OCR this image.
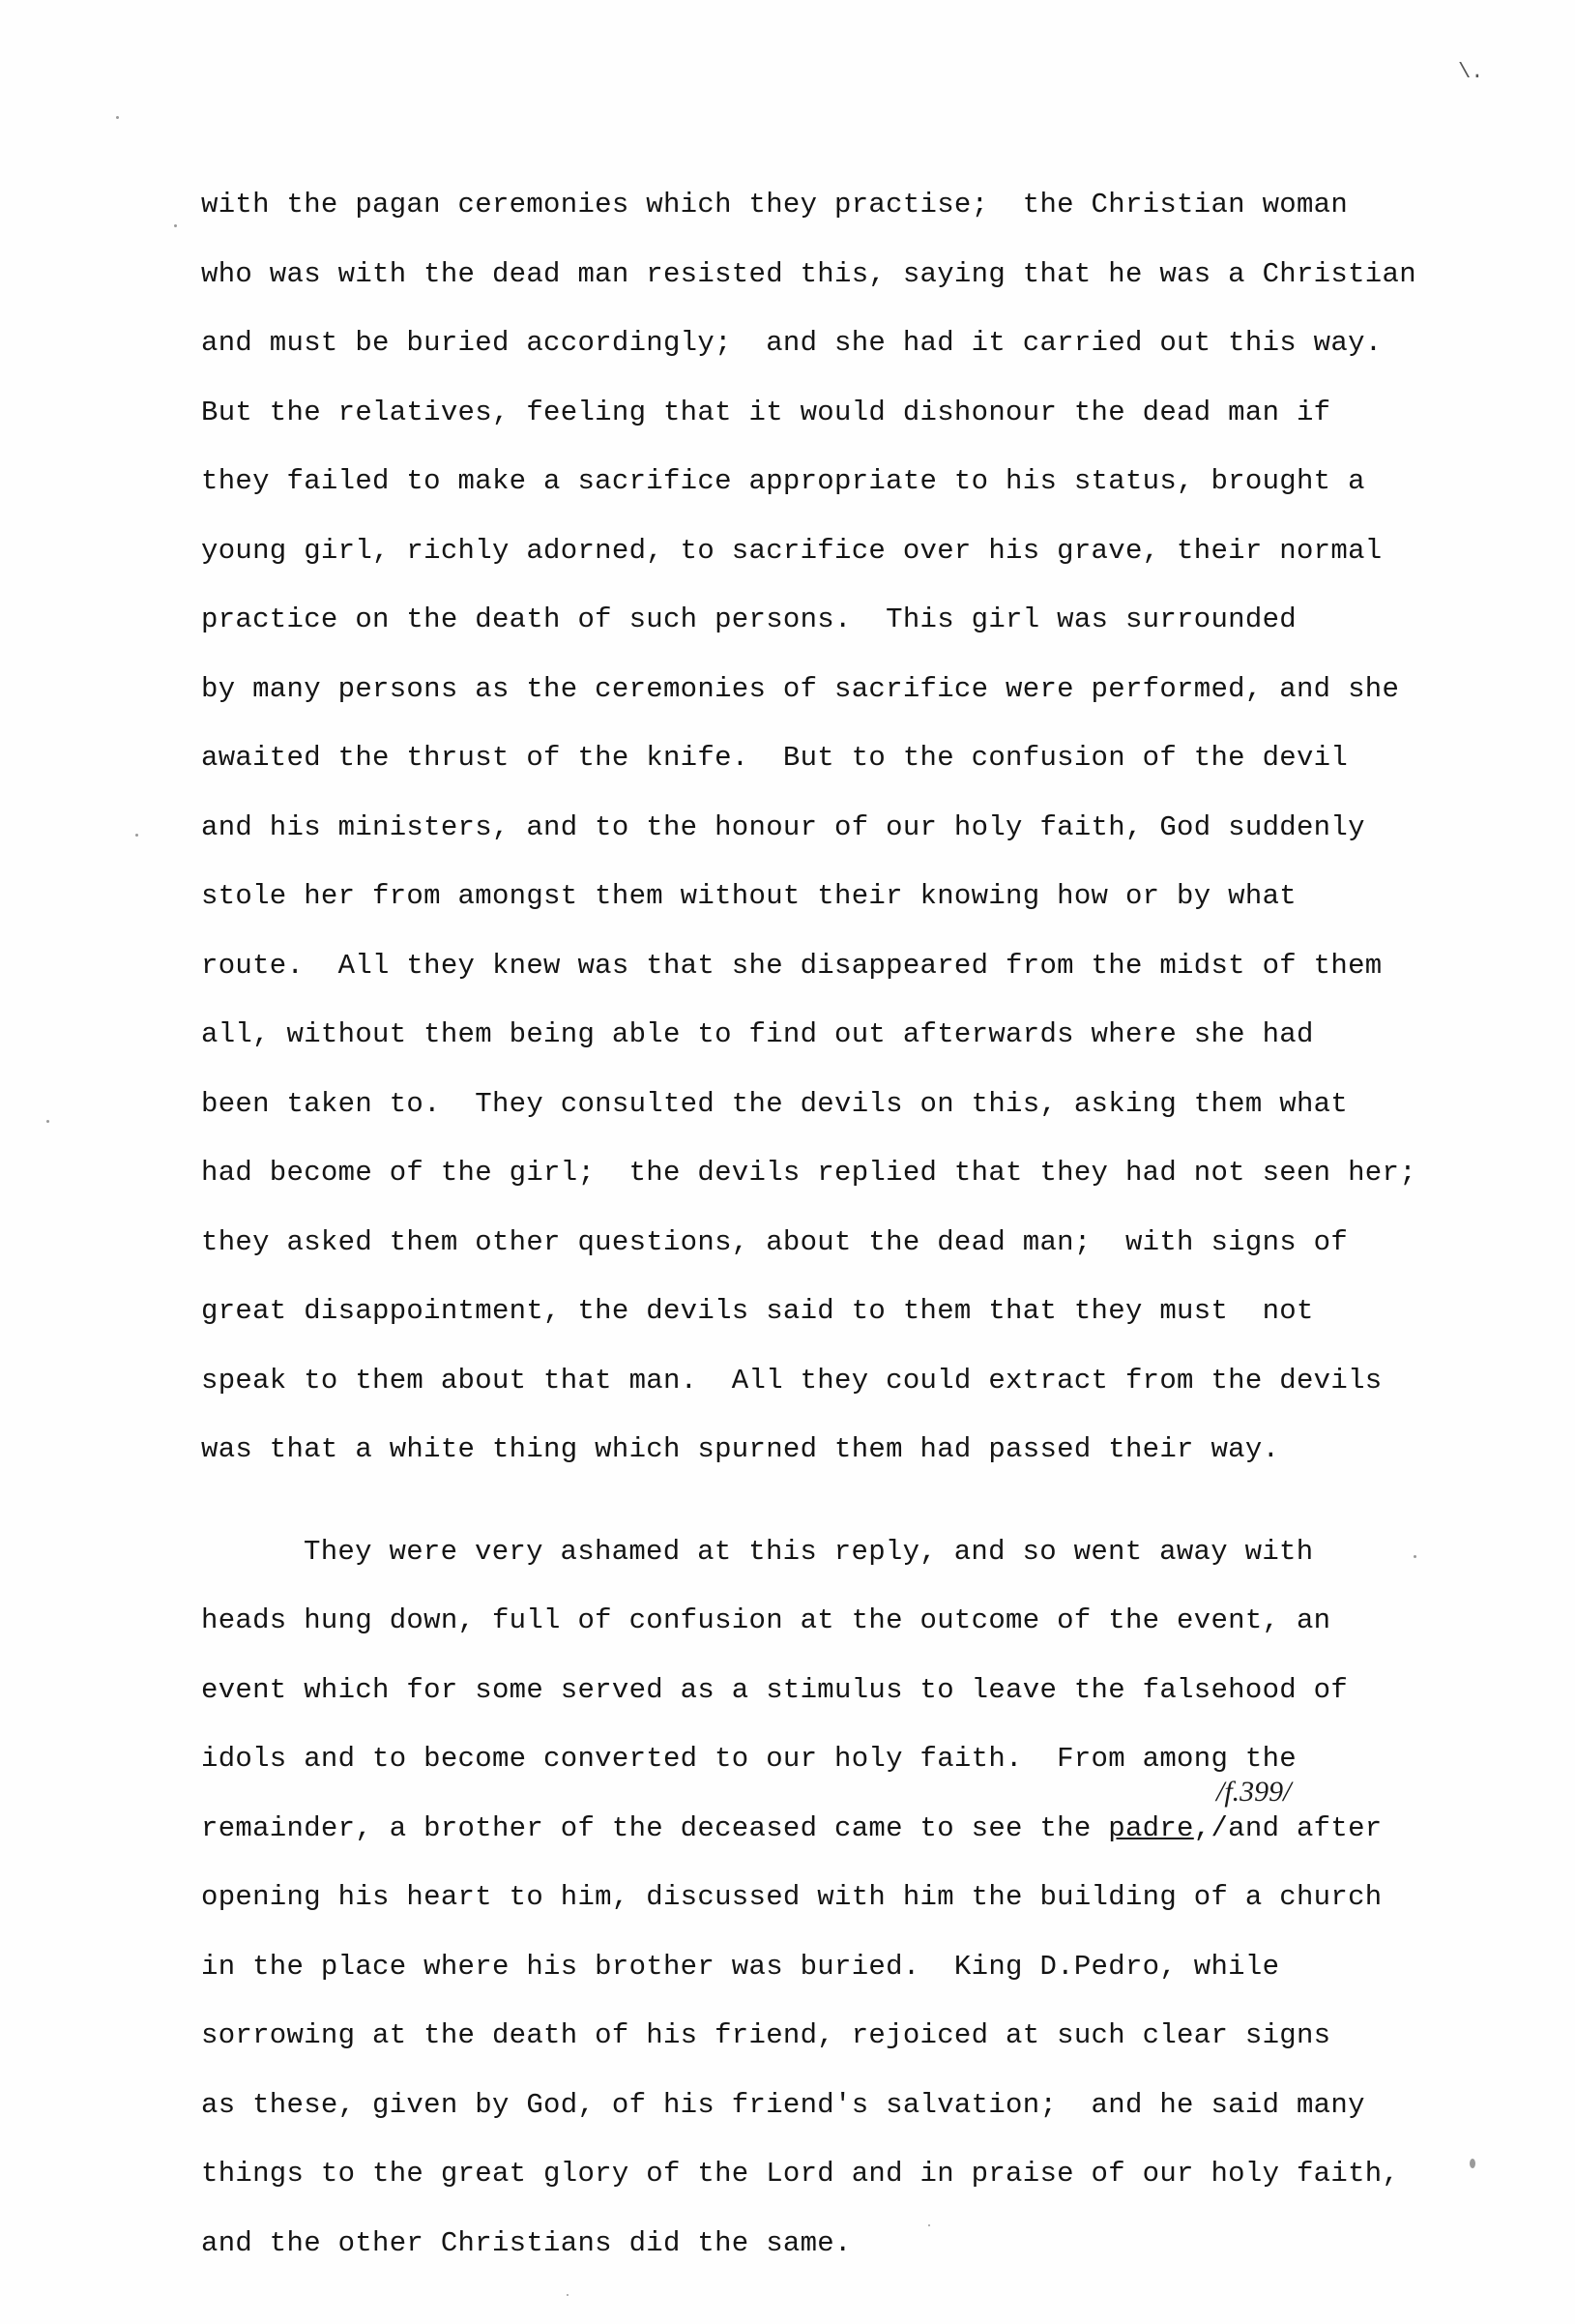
\.
/f.399/
with the pagan ceremonies which they practise;  the Christian woman
who was with the dead man resisted this, saying that he was a Christian
and must be buried accordingly;  and she had it carried out this way.
But the relatives, feeling that it would dishonour the dead man if
they failed to make a sacrifice appropriate to his status, brought a
young girl, richly adorned, to sacrifice over his grave, their normal
practice on the death of such persons.  This girl was surrounded
by many persons as the ceremonies of sacrifice were performed, and she
awaited the thrust of the knife.  But to the confusion of the devil
and his ministers, and to the honour of our holy faith, God suddenly
stole her from amongst them without their knowing how or by what
route.  All they knew was that she disappeared from the midst of them
all, without them being able to find out afterwards where she had
been taken to.  They consulted the devils on this, asking them what
had become of the girl;  the devils replied that they had not seen her;
they asked them other questions, about the dead man;  with signs of
great disappointment, the devils said to them that they must  not
speak to them about that man.  All they could extract from the devils
was that a white thing which spurned them had passed their way.
They were very ashamed at this reply, and so went away with
heads hung down, full of confusion at the outcome of the event, an
event which for some served as a stimulus to leave the falsehood of
idols and to become converted to our holy faith.  From among the
remainder, a brother of the deceased came to see the padre,/and after
opening his heart to him, discussed with him the building of a church
in the place where his brother was buried.  King D.Pedro, while
sorrowing at the death of his friend, rejoiced at such clear signs
as these, given by God, of his friend's salvation;  and he said many
things to the great glory of the Lord and in praise of our holy faith,
and the other Christians did the same.
